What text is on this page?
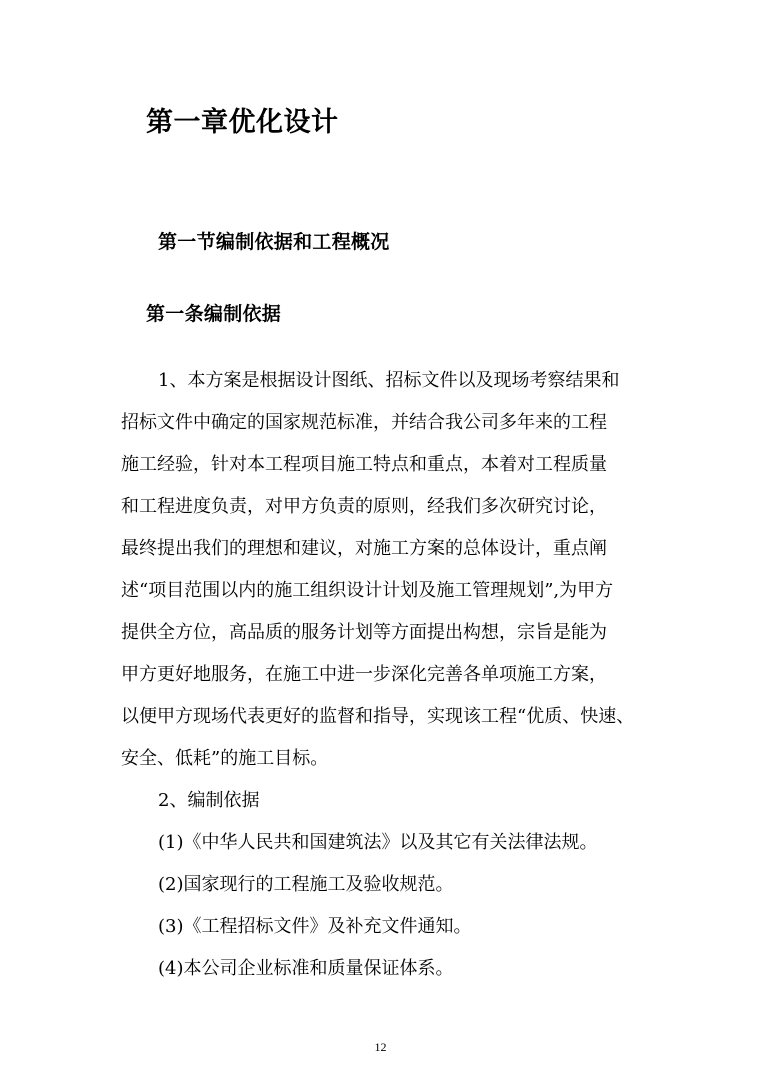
第一章优化设计
第一节编制依据和工程概况
第一条编制依据
1、本方案是根据设计图纸、招标文件以及现场考察结果和
招标文件中确定的国家规范标准，并结合我公司多年来的工程
施工经验，针对本工程项目施工特点和重点，本着对工程质量
和工程进度负责，对甲方负责的原则，经我们多次研究讨论，
最终提出我们的理想和建议，对施工方案的总体设计，重点阐
述“项目范围以内的施工组织设计计划及施工管理规划”,为甲方
提供全方位，高品质的服务计划等方面提出构想，宗旨是能为
甲方更好地服务，在施工中进一步深化完善各单项施工方案，
以便甲方现场代表更好的监督和指导，实现该工程“优质、快速、
安全、低耗”的施工目标。
2、编制依据
(1)《中华人民共和国建筑法》以及其它有关法律法规。
(2)国家现行的工程施工及验收规范。
(3)《工程招标文件》及补充文件通知。
(4)本公司企业标准和质量保证体系。
12
